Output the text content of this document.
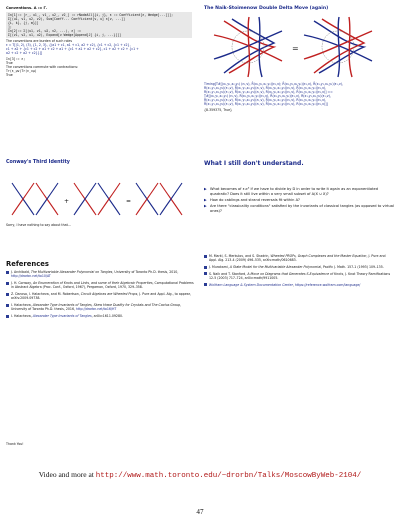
Conventions. A := Γ.
In[1]:= [r_, u1_, v1_, u2_, v2_] := rNodeAll[{i, j}, ε := Coefficient[ε, Wedge[...]]];
Σ[(u1, v1, u2, v2), Sum[Coeff... Coefficient[v, u] ε[v, ...]]
{i, k}, {j, m}]]
];
In[2]:= Σ[(u1, v1, u2, v2, ...), ε] :=
Σ[(v1, v2, u1, u2), Expand[v Wedge[Append[J] {i, j, ...}]]]
The conventions are burden of such roles
ε = T[(1, 2), (3), {1, 2, 3}, {(a1 + c1, a1 + c1, a2 + c2), {c1 + c2, {c1 + c2},
c1 + a2 + {c1 + c2 + a1 + c2 + a1 + {c1 + a1 + a2 + c2}, c1 + a2 + c2 + {c1 +
a2 + c2 + a2 + c2}}]]
In[3]:= ε;
True
The conventions commute with contractions:
Tr(ε_μν)Tr(ε_νμ)
True
The Naik-Stoimenow Double Delta Move (again)
=
Timing[T#[(x₁,y₁,x₂,y₂) (ε₁,v), R̄(x₁,y₁,x₂,y₂)(ε₁,v); R̄(x₁,y₁,x₂,y₂)(ε₁,v), R̄(x₁,y₁,x₂,y₂)(ε₁,v),
R(x₁,y₁,x₂,y₂)(ε₁,v), R̄(x₁,y₁,x₂,y₂)(ε₁,v), R(x₁,y₁,x₂,y₂)(ε₁,v), R̄(x₁,y₁,x₂,y₂)(ε₁,v),
R(x₁,y₁,x₂,y₂)(ε₁,v), R̄(x₁,y₁,x₂,y₂)(ε₁,v), R(x₁,y₁,x₂,y₂)(ε₁,v), R̄(x₁,y₁,x₂,y₂)(ε₁,v)] ==
T#[(x₁,y₁,x₂,y₂) (ε₁,v), R(x₁,y₁,x₂,y₂)(ε₁,v), R̄(x₁,y₁,x₂,y₂)(ε₁,v), R(x₁,y₁,x₂,y₂)(ε₁,v),
R̄(x₁,y₁,x₂,y₂)(ε₁,v), R(x₁,y₁,x₂,y₂)(ε₁,v), R̄(x₁,y₁,x₂,y₂)(ε₁,v), R(x₁,y₁,x₂,y₂)(ε₁,v),
R̄(x₁,y₁,x₂,y₂)(ε₁,v), R(x₁,y₁,x₂,y₂)(ε₁,v), R̄(x₁,y₁,x₂,y₂)(ε₁,v), R(x₁,y₁,x₂,y₂)(ε₁,v)]]
{8.359375, True}
Conway's Third Identity
+	=
Sorry, I have nothing to say about that...
What I still don't understand.
▶ What becomes of ε₁ε³ if we have to divide by D in order to write it again as an exponentiated quadratic? Does it still live within a very small subset of A(X ∪ X)?
▶ How do cablings and strand reversals fit within A?
▶ Are there "classicality conditions" satisfied by the invariants of classical tangles (as opposed to virtual ones)?
References
J. Archibald, The Multivariable Alexander Polynomial on Tangles, University of Toronto Ph.D. thesis, 2010, http://drorbn.net/to10/AT
J. H. Conway, An Enumeration of Knots and Links, and some of their Algebraic Properties, Computational Problems in Abstract Algebra (Proc. Conf., Oxford, 1967), Pergamon, Oxford, 1970, 329–358.
Z. Dancso, I. Halacheva, and M. Robertson, Circuit Algebras are Wheeled Props, J. Pure and Appl. Alg., to appear, arXiv:2009.09738.
I. Halacheva, Alexander Type Invariants of Tangles, Skew Howe Duality for Crystals and The Cactus Group, University of Toronto Ph.D. thesis, 2016, http://drorbn.net/to16/HT
I. Halacheva, Alexander Type Invariants of Tangles, arXiv:1611.09280.
M. Markl, S. Merkulov, and S. Shadrin, Wheeled PROPs, Graph Complexes and the Master Equation, J. Pure and Appl. Alg. 213-4 (2009) 496–535, arXiv:math/0610683.
J. Murakami, A State Model for the Multivariable Alexander Polynomial, Pacific J. Math. 157-1 (1993) 109–135.
S. Naik and T. Stanford, A Move on Diagrams that Generates S-Equivalence of Knots, J. Knot Theory Ramifications 12-5 (2003) 717–724, arXiv:math/9911005.
Wolfram Language & System Documentation Center, https://reference.wolfram.com/language/
Thank You!
Video and more at http://www.math.toronto.edu/~drorbn/Talks/MoscowByWeb-2104/
47
